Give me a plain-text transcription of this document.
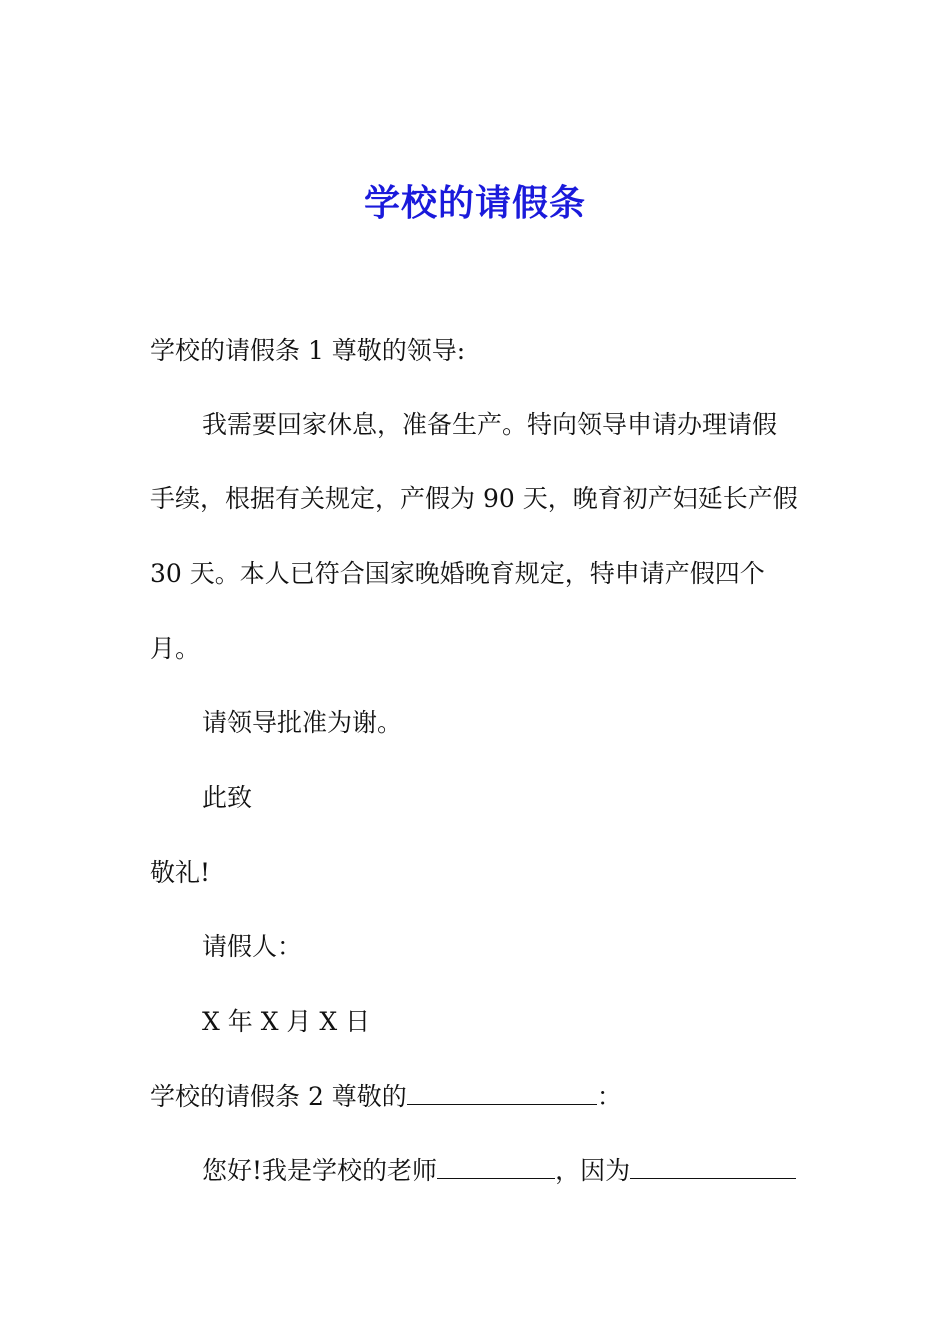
学校的请假条
学校的请假条 1 尊敬的领导:
我需要回家休息，准备生产。特向领导申请办理请假
手续，根据有关规定，产假为 90 天，晚育初产妇延长产假
30 天。本人已符合国家晚婚晚育规定，特申请产假四个
月。
请领导批准为谢。
此致
敬礼!
请假人：
X 年 X 月 X 日
学校的请假条 2 尊敬的	：
您好!我是学校的老师	，因为
